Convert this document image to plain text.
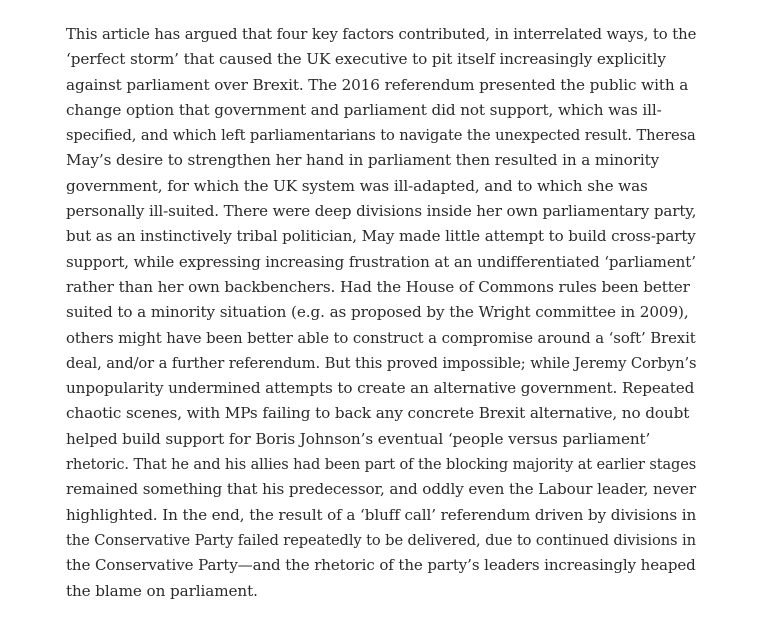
This article has argued that four key factors contributed, in interrelated ways, to the
‘perfect storm’ that caused the UK executive to pit itself increasingly explicitly
against parliament over Brexit. The 2016 referendum presented the public with a
change option that government and parliament did not support, which was ill-
specified, and which left parliamentarians to navigate the unexpected result. Theresa
May’s desire to strengthen her hand in parliament then resulted in a minority
government, for which the UK system was ill-adapted, and to which she was
personally ill-suited. There were deep divisions inside her own parliamentary party,
but as an instinctively tribal politician, May made little attempt to build cross-party
support, while expressing increasing frustration at an undifferentiated ‘parliament’
rather than her own backbenchers. Had the House of Commons rules been better
suited to a minority situation (e.g. as proposed by the Wright committee in 2009),
others might have been better able to construct a compromise around a ‘soft’ Brexit
deal, and/or a further referendum. But this proved impossible; while Jeremy Corbyn’s
unpopularity undermined attempts to create an alternative government. Repeated
chaotic scenes, with MPs failing to back any concrete Brexit alternative, no doubt
helped build support for Boris Johnson’s eventual ‘people versus parliament’
rhetoric. That he and his allies had been part of the blocking majority at earlier stages
remained something that his predecessor, and oddly even the Labour leader, never
highlighted. In the end, the result of a ‘bluff call’ referendum driven by divisions in
the Conservative Party failed repeatedly to be delivered, due to continued divisions in
the Conservative Party—and the rhetoric of the party’s leaders increasingly heaped
the blame on parliament.
